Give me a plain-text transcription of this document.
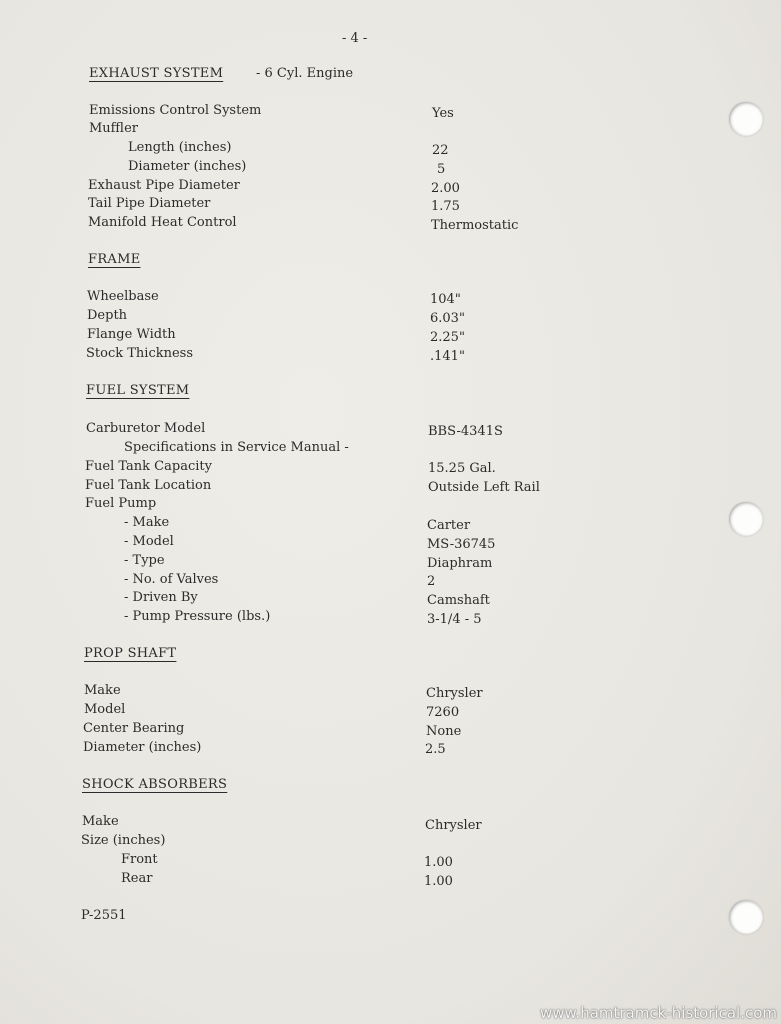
- 4 -
EXHAUST SYSTEM	- 6 Cyl. Engine
Emissions Control System	Yes
Muffler
Length (inches)	22
Diameter (inches)	5
Exhaust Pipe Diameter	2.00
Tail Pipe Diameter	1.75
Manifold Heat Control	Thermostatic
FRAME
Wheelbase	104"
Depth	6.03"
Flange Width	2.25"
Stock Thickness	.141"
FUEL SYSTEM
Carburetor Model	BBS-4341S
Specifications in Service Manual -
Fuel Tank Capacity	15.25 Gal.
Fuel Tank Location	Outside Left Rail
Fuel Pump
- Make	Carter
- Model	MS-36745
- Type	Diaphram
- No. of Valves	2
- Driven By	Camshaft
- Pump Pressure (lbs.)	3-1/4 - 5
PROP SHAFT
Make	Chrysler
Model	7260
Center Bearing	None
Diameter (inches)	2.5
SHOCK ABSORBERS
Make	Chrysler
Size (inches)
Front	1.00
Rear	1.00
P-2551
www.hamtramck-historical.com
